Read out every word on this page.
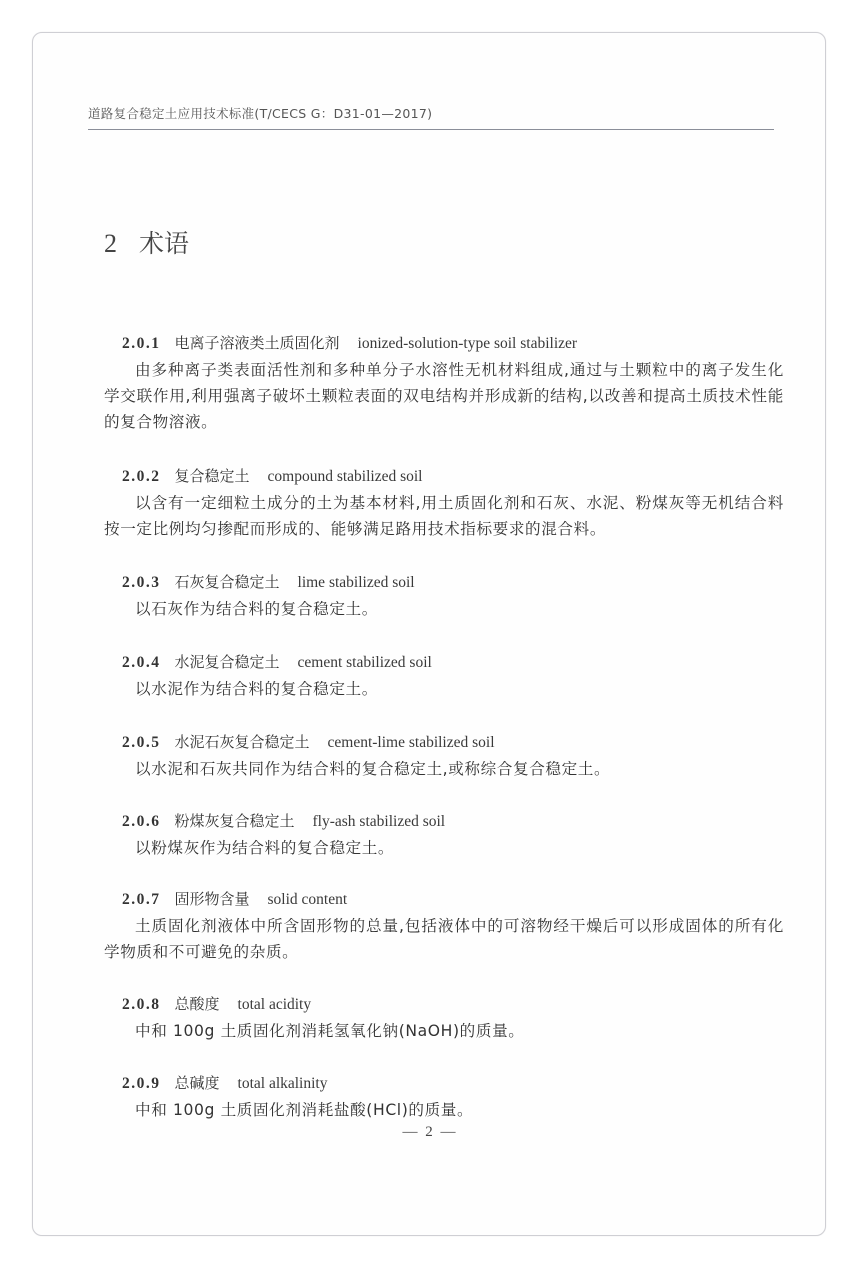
道路复合稳定土应用技术标准(T/CECS G：D31-01—2017)
2 术语
2.0.1 电离子溶液类土质固化剂 ionized-solution-type soil stabilizer

由多种离子类表面活性剂和多种单分子水溶性无机材料组成,通过与土颗粒中的离子发生化学交联作用,利用强离子破坏土颗粒表面的双电结构并形成新的结构,以改善和提高土质技术性能的复合物溶液。

2.0.2 复合稳定土 compound stabilized soil

以含有一定细粒土成分的土为基本材料,用土质固化剂和石灰、水泥、粉煤灰等无机结合料按一定比例均匀掺配而形成的、能够满足路用技术指标要求的混合料。

2.0.3 石灰复合稳定土 lime stabilized soil

以石灰作为结合料的复合稳定土。

2.0.4 水泥复合稳定土 cement stabilized soil

以水泥作为结合料的复合稳定土。

2.0.5 水泥石灰复合稳定土 cement-lime stabilized soil

以水泥和石灰共同作为结合料的复合稳定土,或称综合复合稳定土。

2.0.6 粉煤灰复合稳定土 fly-ash stabilized soil

以粉煤灰作为结合料的复合稳定土。

2.0.7 固形物含量 solid content

土质固化剂液体中所含固形物的总量,包括液体中的可溶物经干燥后可以形成固体的所有化学物质和不可避免的杂质。

2.0.8 总酸度 total acidity

中和 100g 土质固化剂消耗氢氧化钠(NaOH)的质量。

2.0.9 总碱度 total alkalinity

中和 100g 土质固化剂消耗盐酸(HCl)的质量。

— 2 —
